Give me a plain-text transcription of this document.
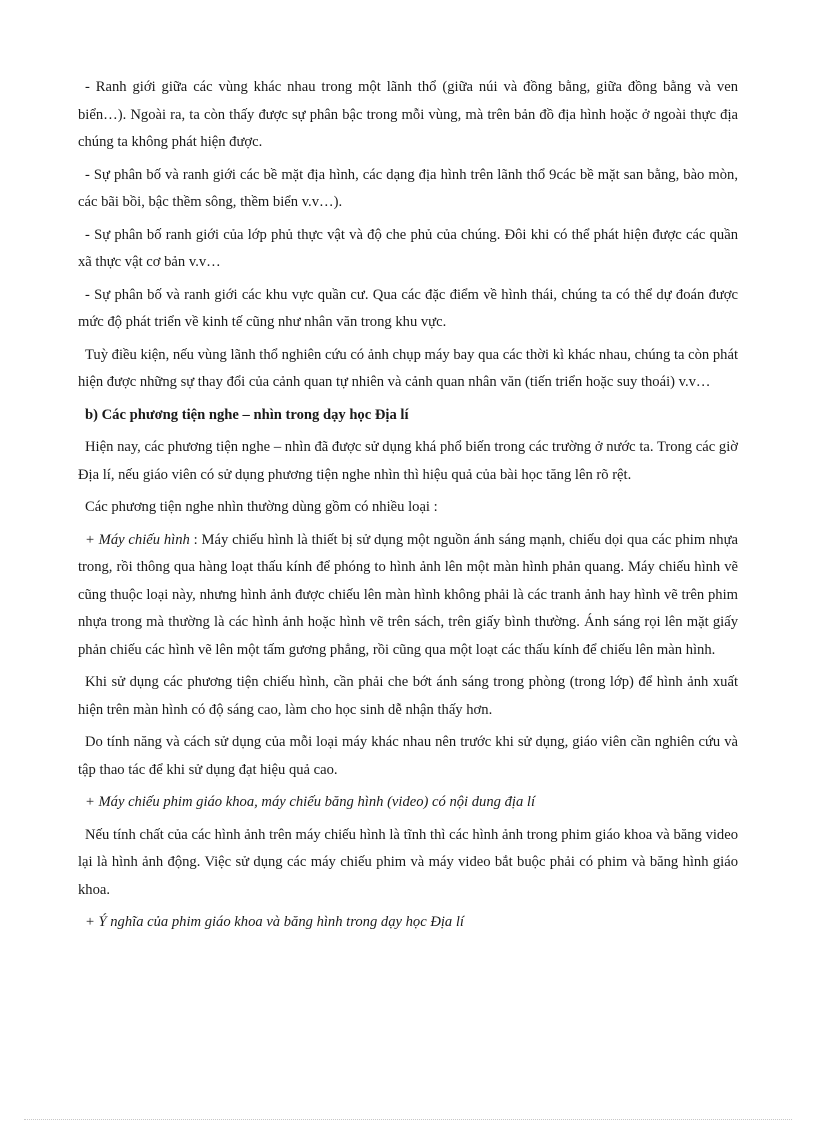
- Ranh giới giữa các vùng khác nhau trong một lãnh thổ (giữa núi và đồng bằng, giữa đồng bằng và ven biển…). Ngoài ra, ta còn thấy được sự phân bậc trong mỗi vùng, mà trên bản đồ địa hình hoặc ở ngoài thực địa chúng ta không phát hiện được.

- Sự phân bố và ranh giới các bề mặt địa hình, các dạng địa hình trên lãnh thổ 9các bề mặt san bằng, bào mòn, các bãi bồi, bậc thềm sông, thềm biển v.v…).

- Sự phân bố ranh giới của lớp phủ thực vật và độ che phủ của chúng. Đôi khi có thể phát hiện được các quần xã thực vật cơ bản v.v…

- Sự phân bố và ranh giới các khu vực quần cư. Qua các đặc điểm về hình thái, chúng ta có thể dự đoán được mức độ phát triển về kinh tế cũng như nhân văn trong khu vực.

Tuỳ điều kiện, nếu vùng lãnh thổ nghiên cứu có ảnh chụp máy bay qua các thời kì khác nhau, chúng ta còn phát hiện được những sự thay đổi của cảnh quan tự nhiên và cảnh quan nhân văn (tiến triển hoặc suy thoái) v.v…

b) Các phương tiện nghe – nhìn trong dạy học Địa lí

Hiện nay, các phương tiện nghe – nhìn đã được sử dụng khá phổ biến trong các trường ở nước ta. Trong các giờ Địa lí, nếu giáo viên có sử dụng phương tiện nghe nhìn thì hiệu quả của bài học tăng lên rõ rệt.

Các phương tiện nghe nhìn thường dùng gồm có nhiều loại :

+ Máy chiếu hình : Máy chiếu hình là thiết bị sử dụng một nguồn ánh sáng mạnh, chiếu dọi qua các phim nhựa trong, rồi thông qua hàng loạt thấu kính để phóng to hình ảnh lên một màn hình phản quang. Máy chiếu hình vẽ cũng thuộc loại này, nhưng hình ảnh được chiếu lên màn hình không phải là các tranh ảnh hay hình vẽ trên phim nhựa trong mà thường là các hình ảnh hoặc hình vẽ trên sách, trên giấy bình thường. Ánh sáng rọi lên mặt giấy phản chiếu các hình vẽ lên một tấm gương phẳng, rồi cũng qua một loạt các thấu kính để chiếu lên màn hình.

Khi sử dụng các phương tiện chiếu hình, cần phải che bớt ánh sáng trong phòng (trong lớp) để hình ảnh xuất hiện trên màn hình có độ sáng cao, làm cho học sinh dễ nhận thấy hơn.

Do tính năng và cách sử dụng của mỗi loại máy khác nhau nên trước khi sử dụng, giáo viên cần nghiên cứu và tập thao tác để khi sử dụng đạt hiệu quả cao.

+ Máy chiếu phim giáo khoa, máy chiếu băng hình (video) có nội dung địa lí

Nếu tính chất của các hình ảnh trên máy chiếu hình là tĩnh thì các hình ảnh trong phim giáo khoa và băng video lại là hình ảnh động. Việc sử dụng các máy chiếu phim và máy video bắt buộc phải có phim và băng hình giáo khoa.

+ Ý nghĩa của phim giáo khoa và băng hình trong dạy học Địa lí
